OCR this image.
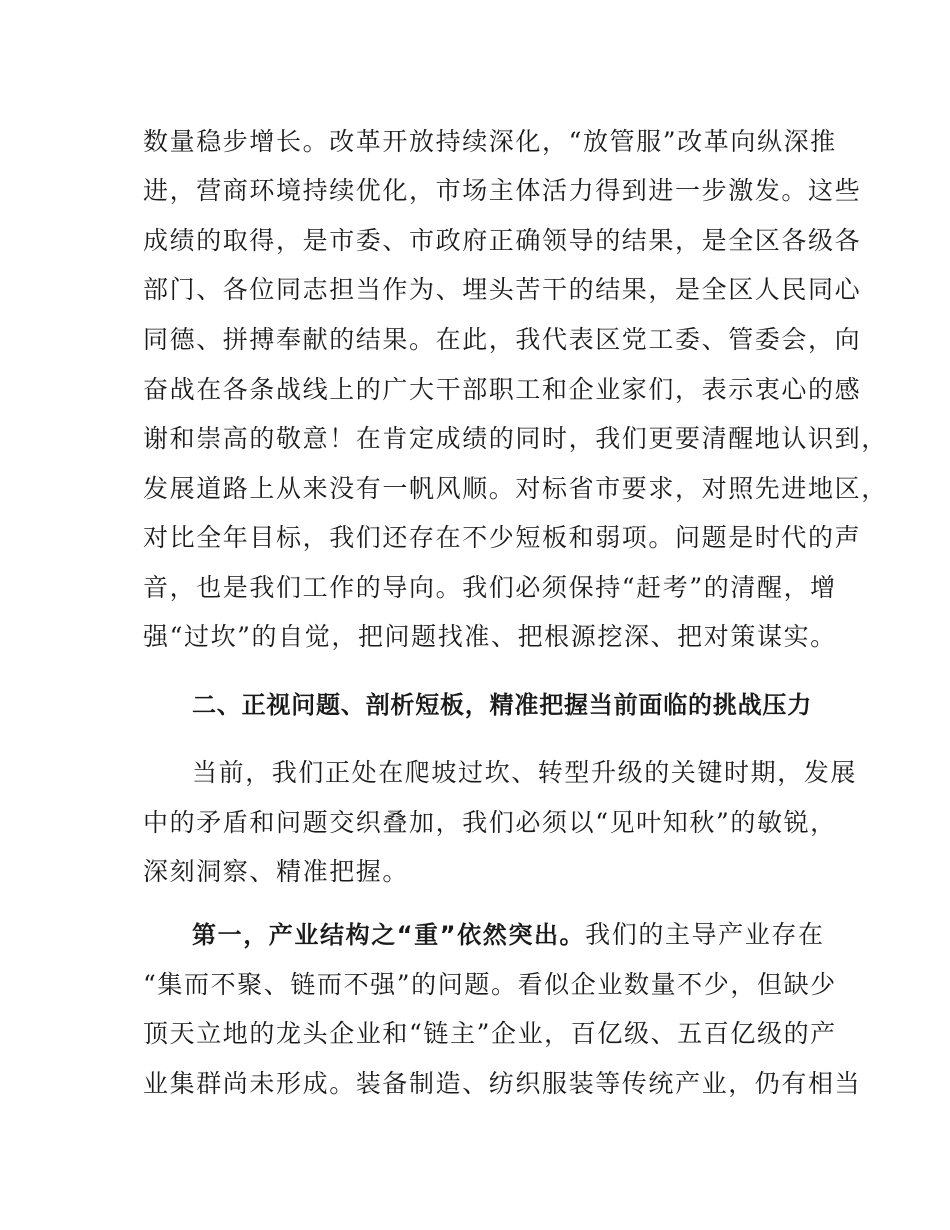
数量稳步增长。改革开放持续深化，“放管服”改革向纵深推
进，营商环境持续优化，市场主体活力得到进一步激发。这些
成绩的取得，是市委、市政府正确领导的结果，是全区各级各
部门、各位同志担当作为、埋头苦干的结果，是全区人民同心
同德、拼搏奉献的结果。在此，我代表区党工委、管委会，向
奋战在各条战线上的广大干部职工和企业家们，表示衷心的感
谢和崇高的敬意！在肯定成绩的同时，我们更要清醒地认识到，
发展道路上从来没有一帆风顺。对标省市要求，对照先进地区，
对比全年目标，我们还存在不少短板和弱项。问题是时代的声
音，也是我们工作的导向。我们必须保持“赶考”的清醒，增
强“过坎”的自觉，把问题找准、把根源挖深、把对策谋实。
二、正视问题、剖析短板，精准把握当前面临的挑战压力
当前，我们正处在爬坡过坎、转型升级的关键时期，发展
中的矛盾和问题交织叠加，我们必须以“见叶知秋”的敏锐，
深刻洞察、精准把握。
第一，产业结构之“重”依然突出。我们的主导产业存在
“集而不聚、链而不强”的问题。看似企业数量不少，但缺少
顶天立地的龙头企业和“链主”企业，百亿级、五百亿级的产
业集群尚未形成。装备制造、纺织服装等传统产业，仍有相当
